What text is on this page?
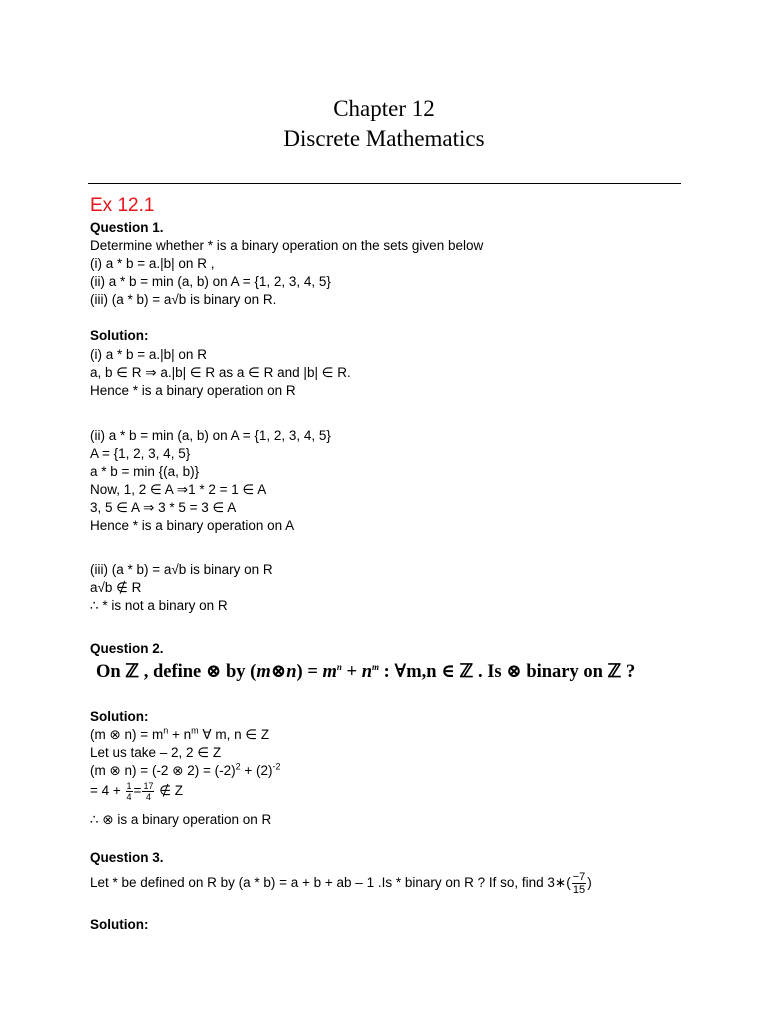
Chapter 12
Discrete Mathematics
Ex 12.1
Question 1.
Determine whether * is a binary operation on the sets given below
(i) a * b = a.|b| on R ,
(ii) a * b = min (a, b) on A = {1, 2, 3, 4, 5}
(iii) (a * b) = a√b is binary on R.
Solution:
(i) a * b = a.|b| on R
a, b ∈ R ⇒ a.|b| ∈ R as a ∈ R and |b| ∈ R.
Hence * is a binary operation on R
(ii) a * b = min (a, b) on A = {1, 2, 3, 4, 5}
A = {1, 2, 3, 4, 5}
a * b = min {(a, b)}
Now, 1, 2 ∈ A ⇒1 * 2 = 1 ∈ A
3, 5 ∈ A ⇒ 3 * 5 = 3 ∈ A
Hence * is a binary operation on A
(iii) (a * b) = a√b is binary on R
a√b ∉ R
∴ * is not a binary on R
Question 2.
On ℤ , define ⊗ by (m⊗n) = $m^n + n^m$ : ∀m,n ∈ ℤ . Is ⊗ binary on ℤ ?
Solution:
(m ⊗ $n) = m^n + n^m$ ∀ m, n ∈ Z
Let us take – 2, 2 ∈ Z
(m ⊗ n) = (-2 ⊗ $2) = (-2)^2 + (2)^{-2}$
= $4 + \frac{1}{4} = \frac{17}{4}$ ∉ Z
∴ ⊗ is a binary operation on R
Question 3.
Let * be defined on R by (a * b) = a + b + ab – 1 .Is * binary on R ? If so, find 3∗( $\frac{-7}{15}$ )
Solution:
